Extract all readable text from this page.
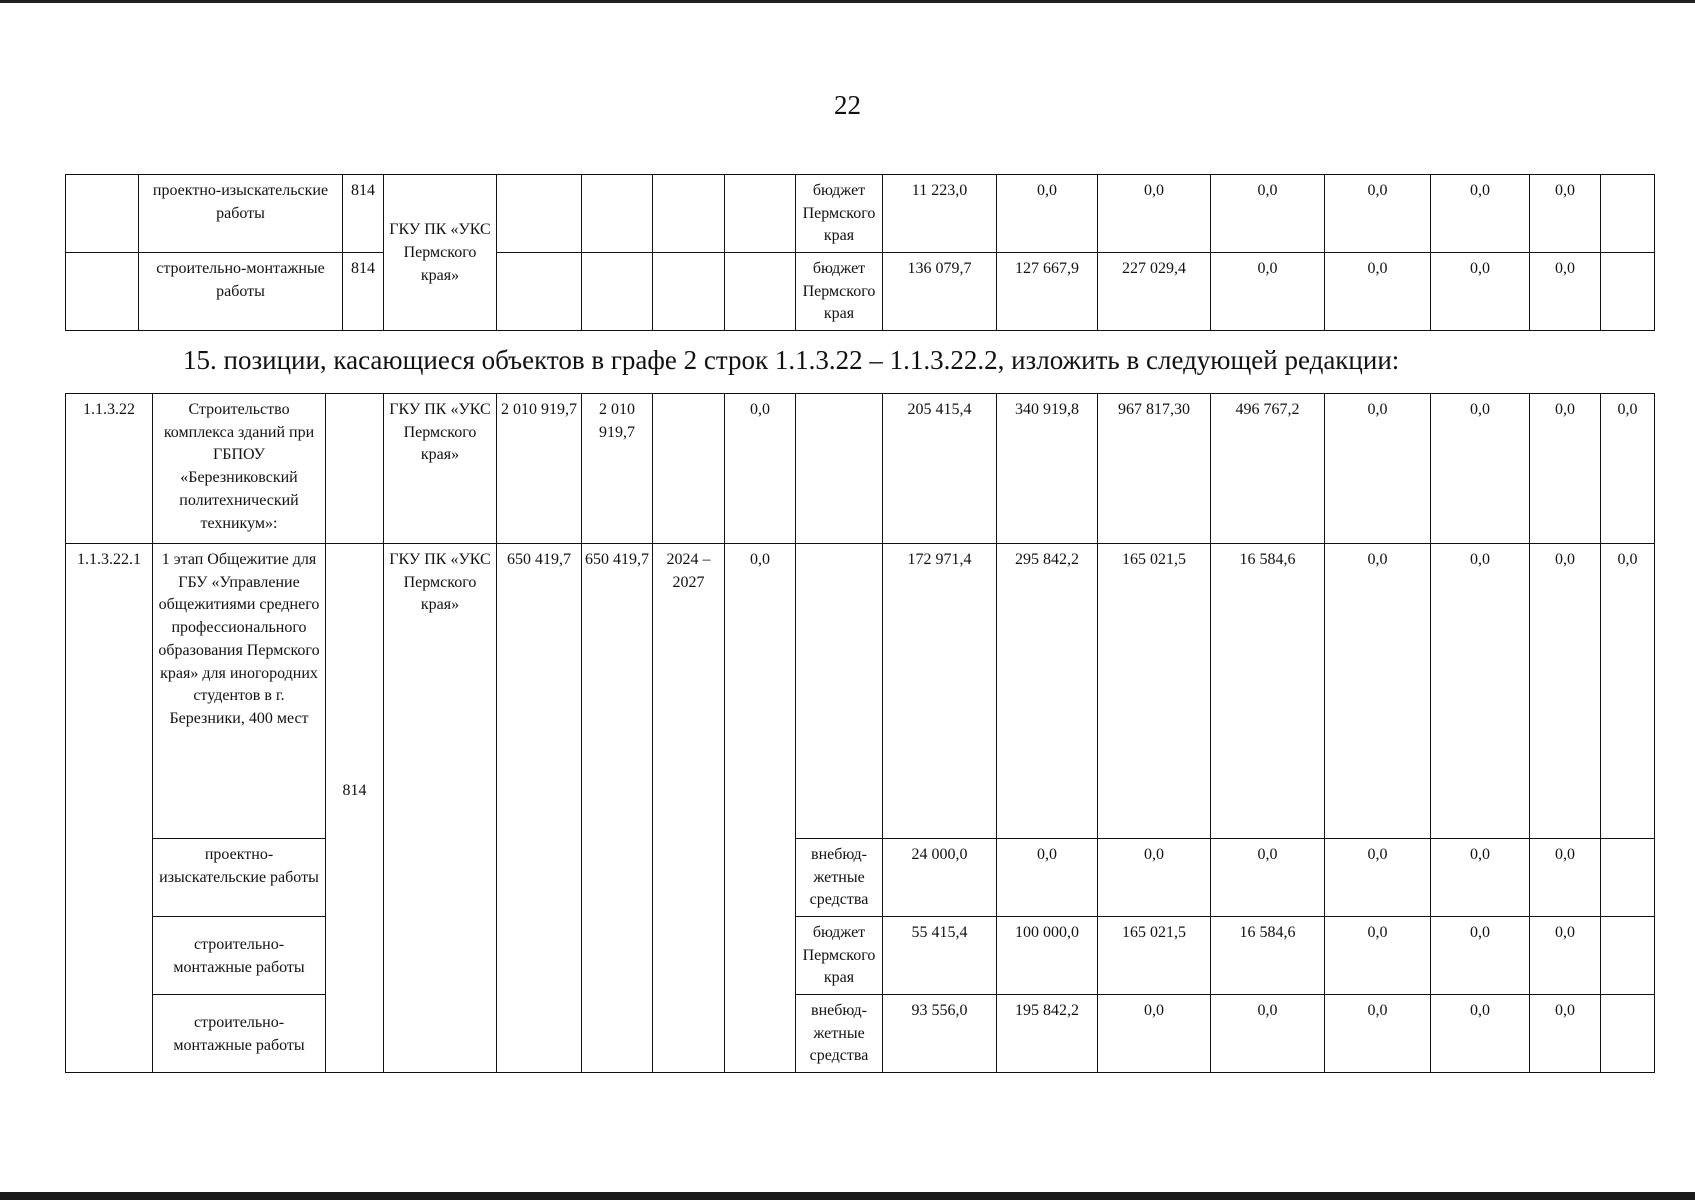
22
	проектно-изыскательские работы	814	ГКУ ПК «УКС Пермского края»					бюджет Пермского края	11 223,0	0,0	0,0	0,0	0,0	0,0	0,0	
	строительно-монтажные работы	814						бюджет Пермского края	136 079,7	127 667,9	227 029,4	0,0	0,0	0,0	0,0	
15. позиции, касающиеся объектов в графе 2 строк 1.1.3.22 – 1.1.3.22.2, изложить в следующей редакции:
1.1.3.22	Строительство комплекса зданий при ГБПОУ «Березниковский политехнический техникум»:		ГКУ ПК «УКС Пермского края»	2 010 919,7	2 010 919,7		0,0		205 415,4	340 919,8	967 817,30	496 767,2	0,0	0,0	0,0	0,0
1.1.3.22.1	1 этап Общежитие для ГБУ «Управление общежитиями среднего профессионального образования Пермского края» для иногородних студентов в г. Березники, 400 мест	814	ГКУ ПК «УКС Пермского края»	650 419,7	650 419,7	2024 – 2027	0,0		172 971,4	295 842,2	165 021,5	16 584,6	0,0	0,0	0,0	0,0
	проектно-изыскательские работы							внебюд-жетные средства	24 000,0	0,0	0,0	0,0	0,0	0,0	0,0	
	строительно-монтажные работы							бюджет Пермского края	55 415,4	100 000,0	165 021,5	16 584,6	0,0	0,0	0,0	
	строительно-монтажные работы							внебюд-жетные средства	93 556,0	195 842,2	0,0	0,0	0,0	0,0	0,0	
